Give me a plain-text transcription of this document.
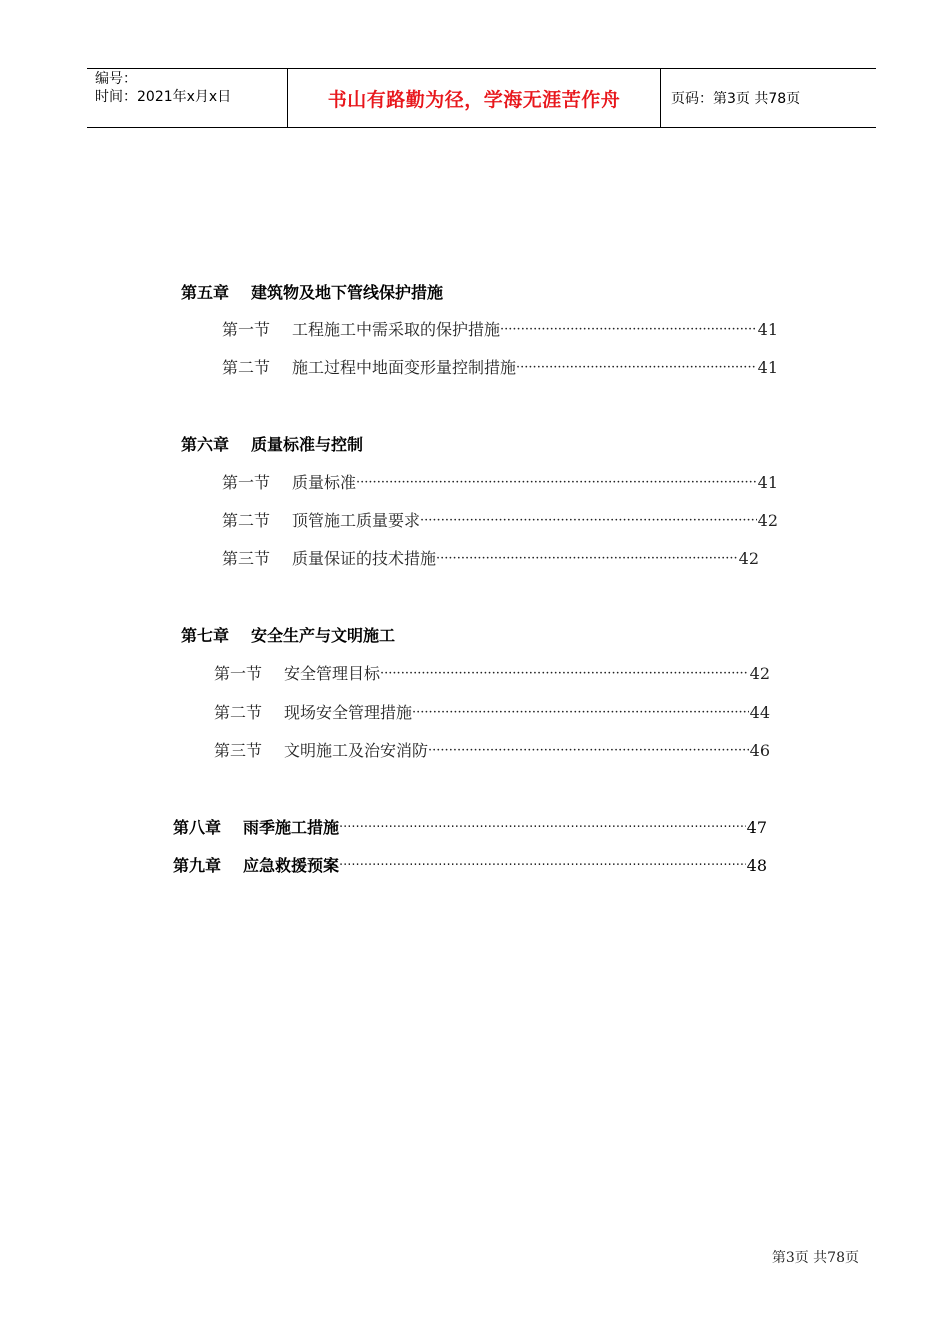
编号：
时间：2021年x月x日	书山有路勤为径，学海无涯苦作舟	页码：第3页 共78页
第五章 建筑物及地下管线保护措施
第一节 工程施工中需采取的保护措施 ·····	41
第二节 施工过程中地面变形量控制措施 ·····	41
第六章 质量标准与控制
第一节 质量标准 ·····	41
第二节 顶管施工质量要求 ·····	42
第三节 质量保证的技术措施 ·····	42
第七章 安全生产与文明施工
第一节 安全管理目标 ·····	42
第二节 现场安全管理措施 ·····	44
第三节 文明施工及治安消防 ·····	46
第八章 雨季施工措施 ·····	47
第九章 应急救援预案 ·····	48
第3页 共78页
